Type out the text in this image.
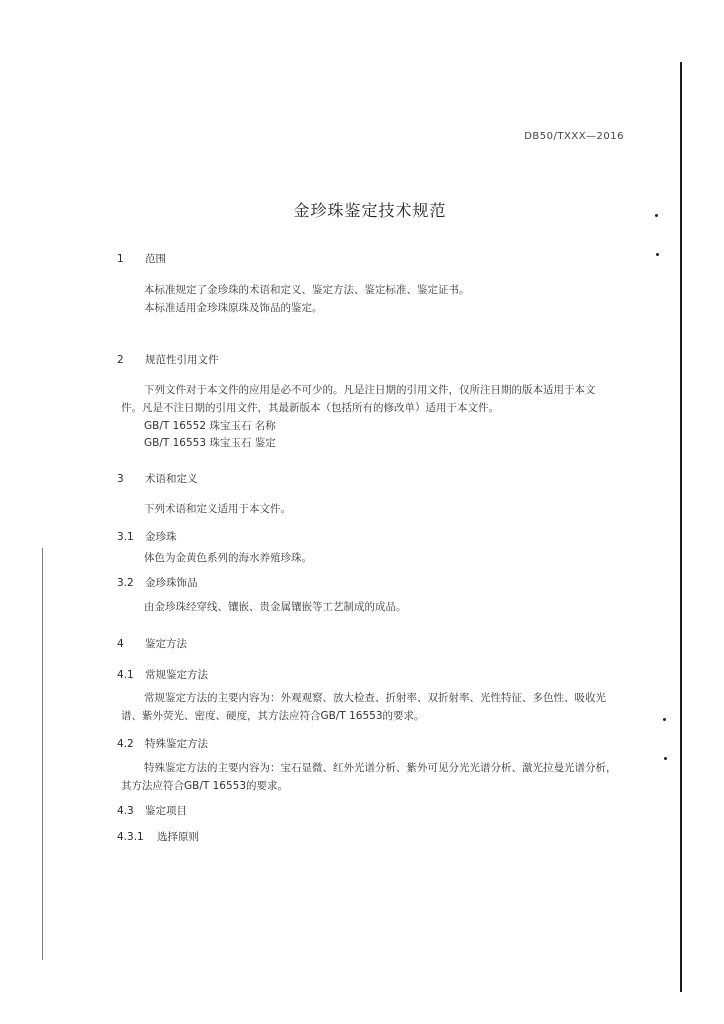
DB50/TXXX—2016
金珍珠鉴定技术规范
1 范围
本标准规定了金珍珠的术语和定义、鉴定方法、鉴定标准、鉴定证书。
本标准适用金珍珠原珠及饰品的鉴定。
2 规范性引用文件
下列文件对于本文件的应用是必不可少的。凡是注日期的引用文件，仅所注日期的版本适用于本文
件。凡是不注日期的引用文件，其最新版本（包括所有的修改单）适用于本文件。
GB/T 16552 珠宝玉石 名称
GB/T 16553 珠宝玉石 鉴定
3 术语和定义
下列术语和定义适用于本文件。
3.1 金珍珠
体色为金黄色系列的海水养殖珍珠。
3.2 金珍珠饰品
由金珍珠经穿线、镶嵌、贵金属镶嵌等工艺制成的成品。
4 鉴定方法
4.1 常规鉴定方法
常规鉴定方法的主要内容为：外观观察、放大检查、折射率、双折射率、光性特征、多色性、吸收光
谱、紫外荧光、密度、硬度，其方法应符合GB/T 16553的要求。
4.2 特殊鉴定方法
特殊鉴定方法的主要内容为：宝石显微、红外光谱分析、紫外可见分光光谱分析、激光拉曼光谱分析，
其方法应符合GB/T 16553的要求。
4.3 鉴定项目
4.3.1 选择原则
